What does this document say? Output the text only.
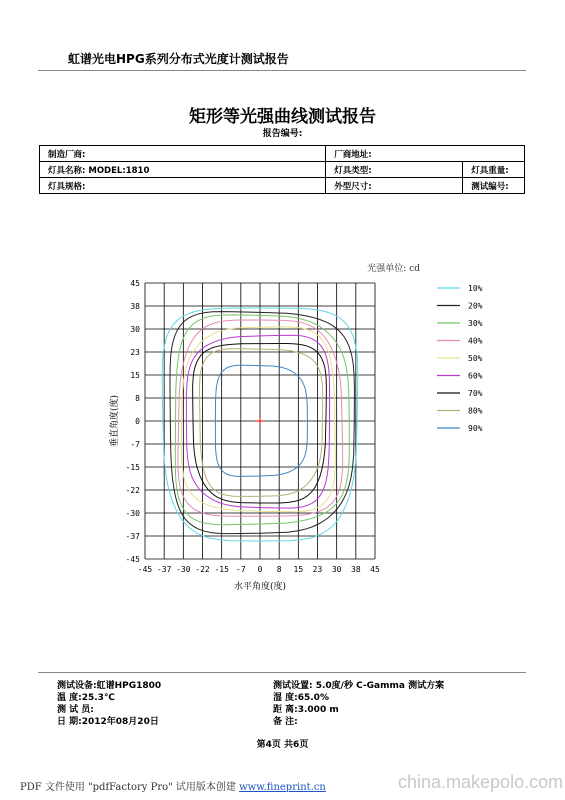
虹谱光电HPG系列分布式光度计测试报告
矩形等光强曲线测试报告
报告编号:
制造厂商:	厂商地址:	
灯具名称: MODEL:1810	灯具类型:	灯具重量:
灯具规格:	外型尺寸:	测试编号:
-45 -37 -30 -22 -15 -7 0 8 15 23 30 38 45
45
38
30
23
15
8
0
-7
-15
-22
-30
-37
-45
光强单位: cd
水平角度(度)
垂直角度(度)
10%
20%
30%
40%
50%
60%
70%
80%
90%
测试设备:虹谱HPG1800	测试设置: 5.0度/秒 C-Gamma 测试方案
温 度:25.3℃	湿 度:65.0%
测 试 员:	距 离:3.000 m
日 期:2012年08月20日	备 注:
第4页 共6页
PDF 文件使用 "pdfFactory Pro" 试用版本创建 www.fineprint.cn	china.makepolo.com
